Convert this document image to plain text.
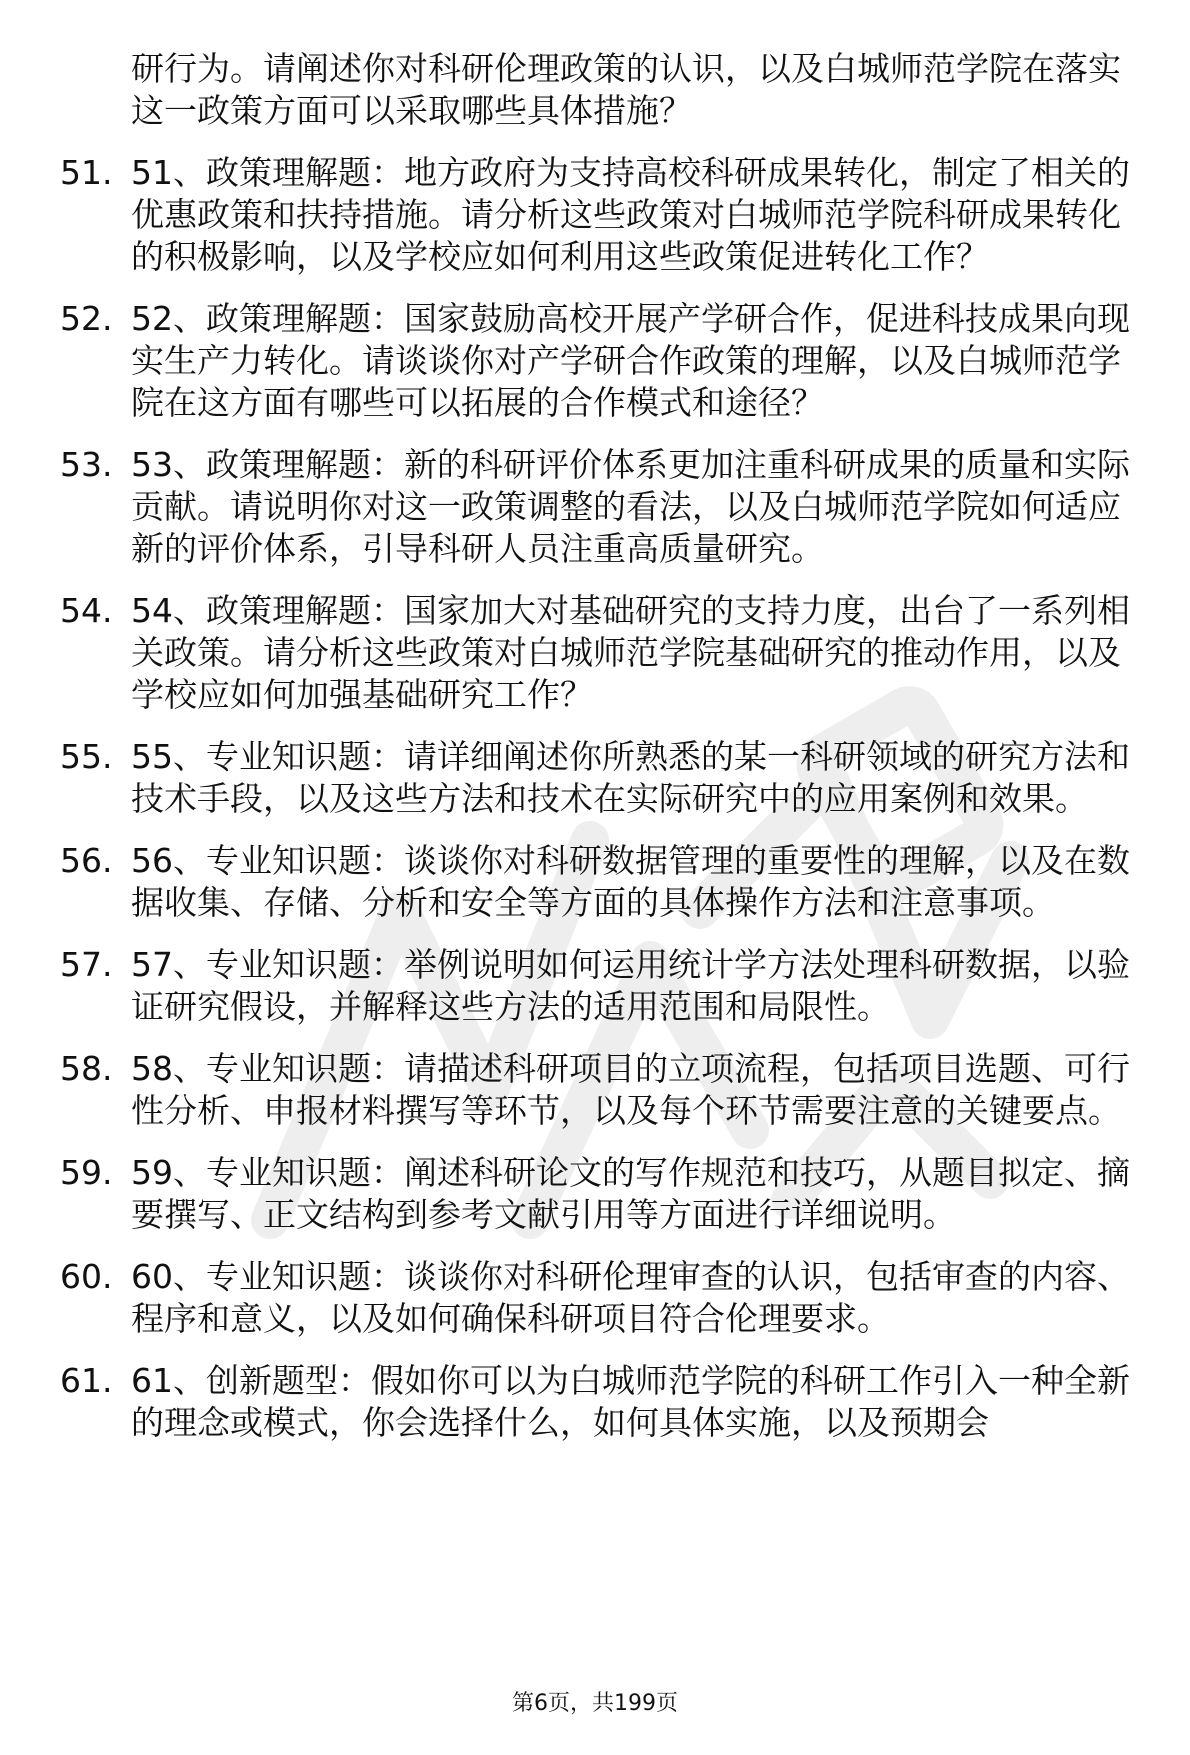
研行为。请阐述你对科研伦理政策的认识，以及白城师范学院在落实这一政策方面可以采取哪些具体措施？

51. 51、政策理解题：地方政府为支持高校科研成果转化，制定了相关的优惠政策和扶持措施。请分析这些政策对白城师范学院科研成果转化的积极影响，以及学校应如何利用这些政策促进转化工作？
52. 52、政策理解题：国家鼓励高校开展产学研合作，促进科技成果向现实生产力转化。请谈谈你对产学研合作政策的理解，以及白城师范学院在这方面有哪些可以拓展的合作模式和途径？
53. 53、政策理解题：新的科研评价体系更加注重科研成果的质量和实际贡献。请说明你对这一政策调整的看法，以及白城师范学院如何适应新的评价体系，引导科研人员注重高质量研究。
54. 54、政策理解题：国家加大对基础研究的支持力度，出台了一系列相关政策。请分析这些政策对白城师范学院基础研究的推动作用，以及学校应如何加强基础研究工作？
55. 55、专业知识题：请详细阐述你所熟悉的某一科研领域的研究方法和技术手段，以及这些方法和技术在实际研究中的应用案例和效果。
56. 56、专业知识题：谈谈你对科研数据管理的重要性的理解，以及在数据收集、存储、分析和安全等方面的具体操作方法和注意事项。
57. 57、专业知识题：举例说明如何运用统计学方法处理科研数据，以验证研究假设，并解释这些方法的适用范围和局限性。
58. 58、专业知识题：请描述科研项目的立项流程，包括项目选题、可行性分析、申报材料撰写等环节，以及每个环节需要注意的关键要点。
59. 59、专业知识题：阐述科研论文的写作规范和技巧，从题目拟定、摘要撰写、正文结构到参考文献引用等方面进行详细说明。
60. 60、专业知识题：谈谈你对科研伦理审查的认识，包括审查的内容、程序和意义，以及如何确保科研项目符合伦理要求。
61. 61、创新题型：假如你可以为白城师范学院的科研工作引入一种全新的理念或模式，你会选择什么，如何具体实施，以及预期会
第6页，共199页
